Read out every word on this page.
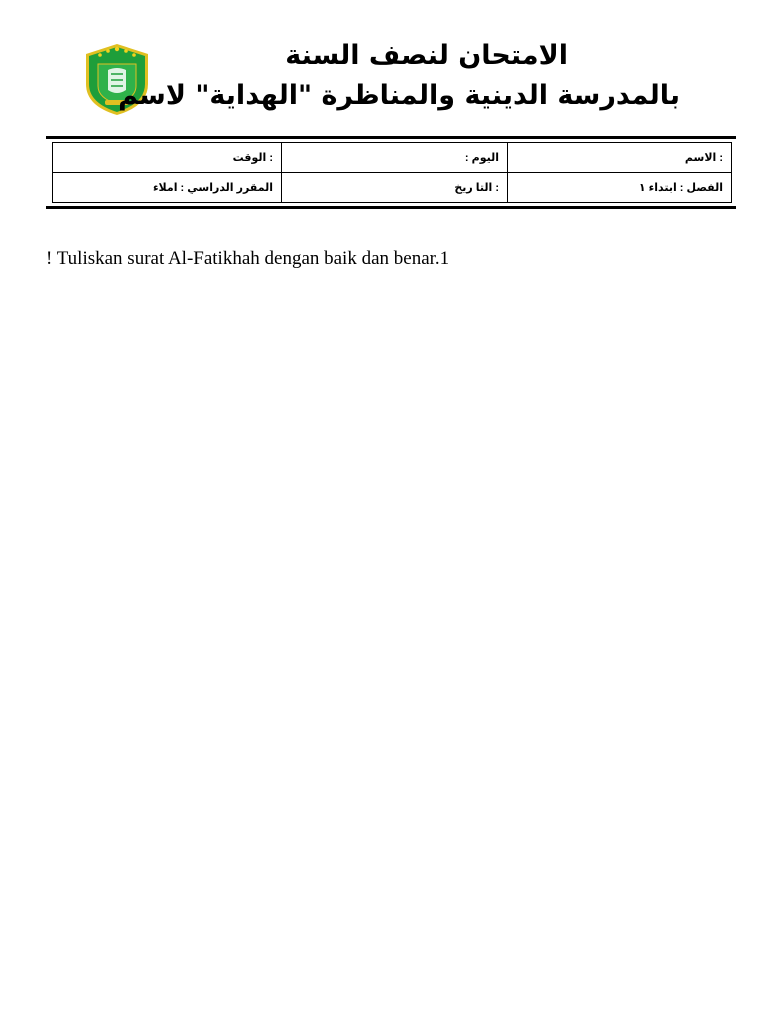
الامتحان لنصف السنة
بالمدرسة الدينية والمناظرة "الهداية" لاسم
: الوقت	اليوم :	: الاسم
المقرر الدراسي : املاء	: التا ريخ	الفصل : ابتداء ١
! Tuliskan surat Al-Fatikhah dengan baik dan benar.1
